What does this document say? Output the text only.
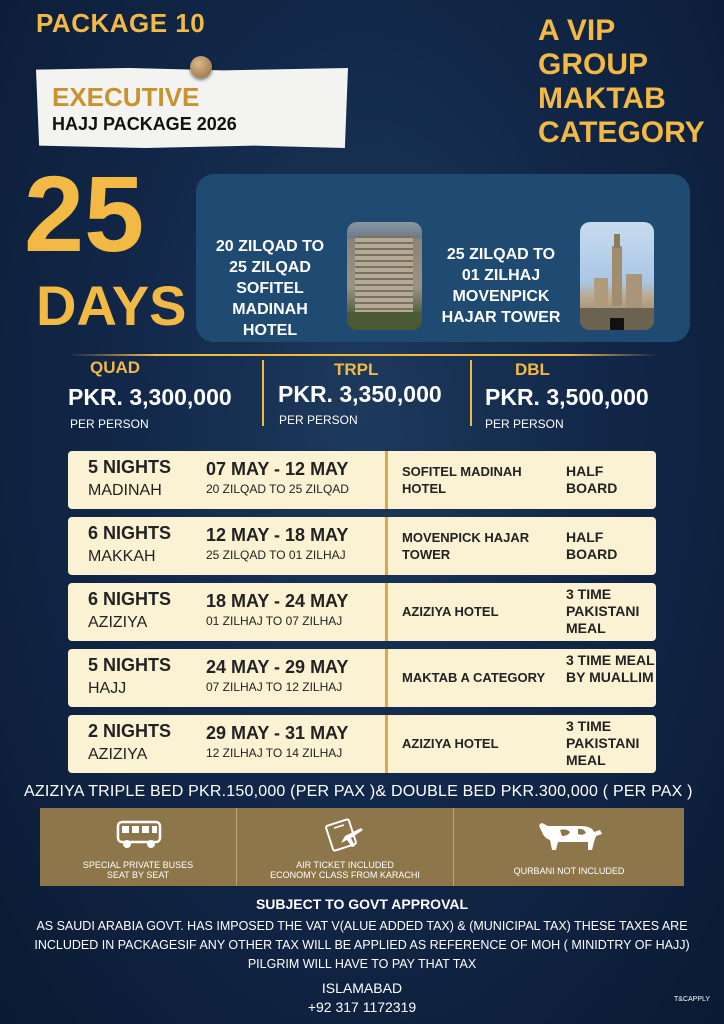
PACKAGE 10
EXECUTIVE
HAJJ PACKAGE 2026
A VIP
GROUP
MAKTAB
CATEGORY
25
DAYS
20 ZILQAD TO
25 ZILQAD
SOFITEL
MADINAH
HOTEL
25 ZILQAD TO
01 ZILHAJ
MOVENPICK
HAJAR TOWER
QUAD
PKR. 3,300,000
PER PERSON
TRPL
PKR. 3,350,000
PER PERSON
DBL
PKR. 3,500,000
PER PERSON
5 NIGHTS
MADINAH
07 MAY - 12 MAY
20 ZILQAD TO 25 ZILQAD
SOFITEL MADINAH HOTEL
HALF BOARD
6 NIGHTS
MAKKAH
12 MAY - 18 MAY
25 ZILQAD TO 01 ZILHAJ
MOVENPICK HAJAR TOWER
HALF BOARD
6 NIGHTS
AZIZIYA
18 MAY - 24 MAY
01 ZILHAJ TO 07 ZILHAJ
AZIZIYA HOTEL
3 TIME PAKISTANI MEAL
5 NIGHTS
HAJJ
24 MAY - 29 MAY
07 ZILHAJ TO 12 ZILHAJ
MAKTAB A CATEGORY
3 TIME MEAL BY MUALLIM
2 NIGHTS
AZIZIYA
29 MAY - 31 MAY
12 ZILHAJ TO 14 ZILHAJ
AZIZIYA HOTEL
3 TIME PAKISTANI MEAL
AZIZIYA TRIPLE BED PKR.150,000 (PER PAX )& DOUBLE BED PKR.300,000 ( PER PAX )
SPECIAL PRIVATE BUSES
SEAT BY SEAT
AIR TICKET INCLUDED
ECONOMY CLASS FROM KARACHI	QURBANI NOT INCLUDED
SUBJECT TO GOVT APPROVAL
AS SAUDI ARABIA GOVT. HAS IMPOSED THE VAT V(ALUE ADDED TAX) & (MUNICIPAL TAX) THESE TAXES ARE
INCLUDED IN PACKAGESIF ANY OTHER TAX WILL BE APPLIED AS REFERENCE OF MOH ( MINIDTRY OF HAJJ)
PILGRIM WILL HAVE TO PAY THAT TAX
ISLAMABAD
+92 317 1172319	T&CAPPLY
